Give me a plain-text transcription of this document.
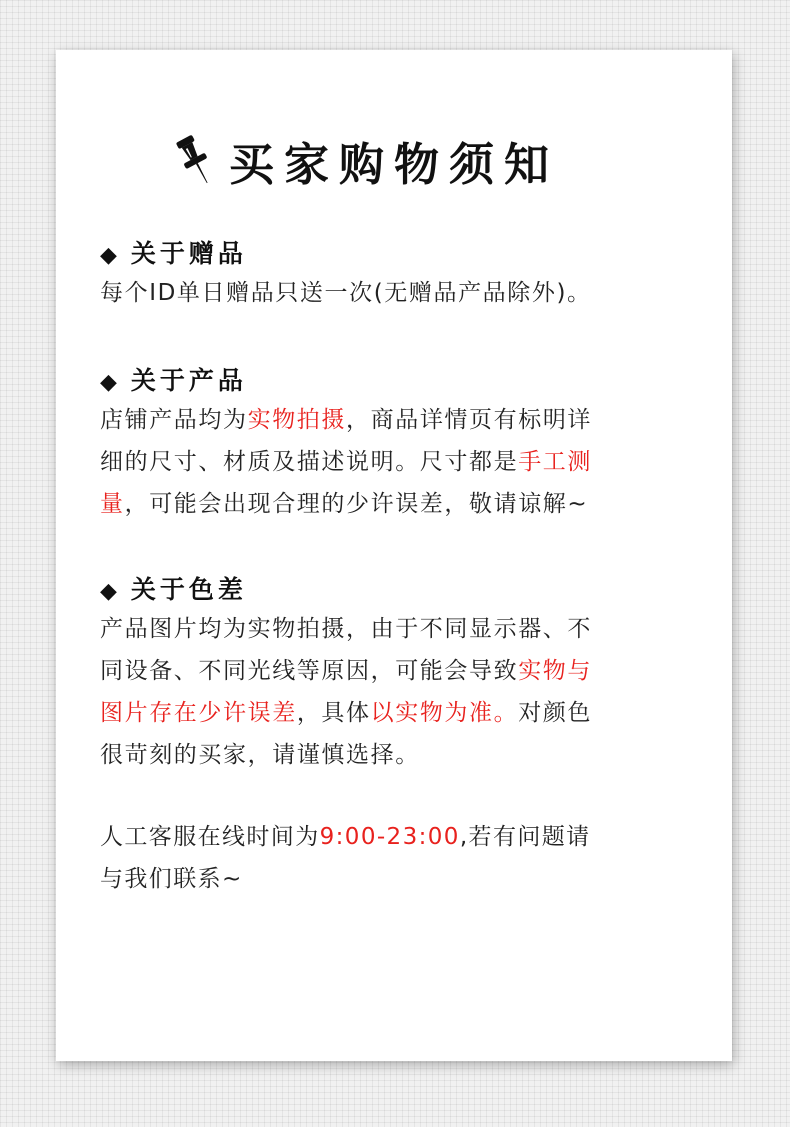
买家购物须知
◆ 关于赠品
每个ID单日赠品只送一次(无赠品产品除外)。
◆ 关于产品
店铺产品均为实物拍摄，商品详情页有标明详
细的尺寸、材质及描述说明。尺寸都是手工测
量，可能会出现合理的少许误差，敬请谅解~
◆ 关于色差
产品图片均为实物拍摄，由于不同显示器、不
同设备、不同光线等原因，可能会导致实物与
图片存在少许误差，具体以实物为准。对颜色
很苛刻的买家，请谨慎选择。
人工客服在线时间为9:00-23:00,若有问题请
与我们联系~
